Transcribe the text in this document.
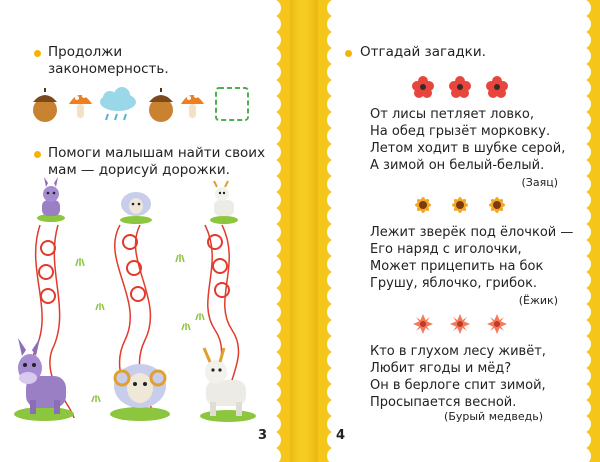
Продолжи
закономерность.
Помоги малышам найти своих
мам — дорисуй дорожки.
3
Отгадай загадки.
От лисы петляет ловко,
На обед грызёт морковку.
Летом ходит в шубке серой,
А зимой он белый-белый.
(Заяц)
Лежит зверёк под ёлочкой —
Его наряд с иголочки,
Может прицепить на бок
Грушу, яблочко, грибок.
(Ёжик)
Кто в глухом лесу живёт,
Любит ягоды и мёд?
Он в берлоге спит зимой,
Просыпается весной.
(Бурый медведь)
4
